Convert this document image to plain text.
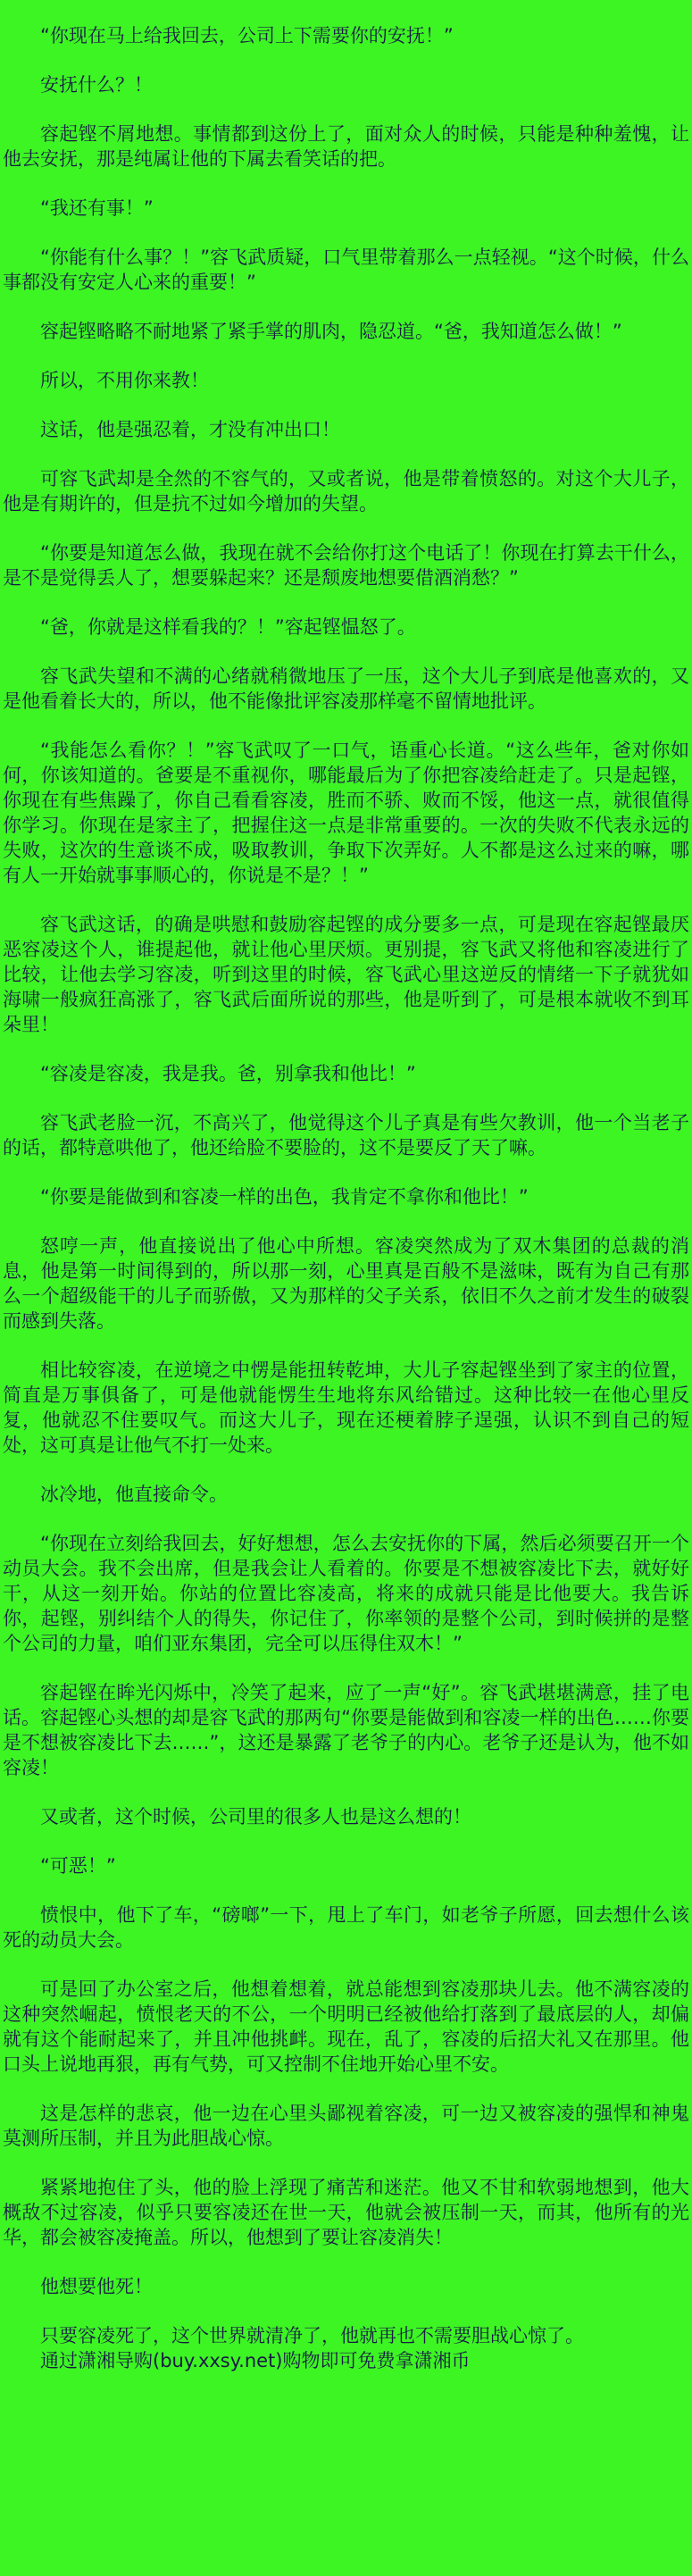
“你现在马上给我回去，公司上下需要你的安抚！”

安抚什么？！

容起铿不屑地想。事情都到这份上了，面对众人的时候，只能是种种羞愧，让他去安抚，那是纯属让他的下属去看笑话的把。

“我还有事！”

“你能有什么事？！”容飞武质疑，口气里带着那么一点轻视。“这个时候，什么事都没有安定人心来的重要！”

容起铿略略不耐地紧了紧手掌的肌肉，隐忍道。“爸，我知道怎么做！”

所以，不用你来教！

这话，他是强忍着，才没有冲出口！

可容飞武却是全然的不容气的，又或者说，他是带着愤怒的。对这个大儿子，他是有期许的，但是抗不过如今增加的失望。

“你要是知道怎么做，我现在就不会给你打这个电话了！你现在打算去干什么，是不是觉得丢人了，想要躲起来？还是颓废地想要借酒消愁？”

“爸，你就是这样看我的？！”容起铿愠怒了。

容飞武失望和不满的心绪就稍微地压了一压，这个大儿子到底是他喜欢的，又是他看着长大的，所以，他不能像批评容凌那样毫不留情地批评。

“我能怎么看你？！”容飞武叹了一口气，语重心长道。“这么些年，爸对你如何，你该知道的。爸要是不重视你，哪能最后为了你把容凌给赶走了。只是起铿，你现在有些焦躁了，你自己看看容凌，胜而不骄、败而不馁，他这一点，就很值得你学习。你现在是家主了，把握住这一点是非常重要的。一次的失败不代表永远的失败，这次的生意谈不成，吸取教训，争取下次弄好。人不都是这么过来的嘛，哪有人一开始就事事顺心的，你说是不是？！”

容飞武这话，的确是哄慰和鼓励容起铿的成分要多一点，可是现在容起铿最厌恶容凌这个人，谁提起他，就让他心里厌烦。更别提，容飞武又将他和容凌进行了比较，让他去学习容凌，听到这里的时候，容飞武心里这逆反的情绪一下子就犹如海啸一般疯狂高涨了，容飞武后面所说的那些，他是听到了，可是根本就收不到耳朵里！

“容凌是容凌，我是我。爸，别拿我和他比！”

容飞武老脸一沉，不高兴了，他觉得这个儿子真是有些欠教训，他一个当老子的话，都特意哄他了，他还给脸不要脸的，这不是要反了天了嘛。

“你要是能做到和容凌一样的出色，我肯定不拿你和他比！”

怒哼一声，他直接说出了他心中所想。容凌突然成为了双木集团的总裁的消息，他是第一时间得到的，所以那一刻，心里真是百般不是滋味，既有为自己有那么一个超级能干的儿子而骄傲，又为那样的父子关系，依旧不久之前才发生的破裂而感到失落。

相比较容凌，在逆境之中愣是能扭转乾坤，大儿子容起铿坐到了家主的位置，简直是万事俱备了，可是他就能愣生生地将东风给错过。这种比较一在他心里反复，他就忍不住要叹气。而这大儿子，现在还梗着脖子逞强，认识不到自己的短处，这可真是让他气不打一处来。

冰冷地，他直接命令。

“你现在立刻给我回去，好好想想，怎么去安抚你的下属，然后必须要召开一个动员大会。我不会出席，但是我会让人看着的。你要是不想被容凌比下去，就好好干，从这一刻开始。你站的位置比容凌高，将来的成就只能是比他要大。我告诉你，起铿，别纠结个人的得失，你记住了，你率领的是整个公司，到时候拼的是整个公司的力量，咱们亚东集团，完全可以压得住双木！”

容起铿在眸光闪烁中，冷笑了起来，应了一声“好”。容飞武堪堪满意，挂了电话。容起铿心头想的却是容飞武的那两句“你要是能做到和容凌一样的出色……你要是不想被容凌比下去……”，这还是暴露了老爷子的内心。老爷子还是认为，他不如容凌！

又或者，这个时候，公司里的很多人也是这么想的！

“可恶！”

愤恨中，他下了车，“磅啷”一下，甩上了车门，如老爷子所愿，回去想什么该死的动员大会。

可是回了办公室之后，他想着想着，就总能想到容凌那块儿去。他不满容凌的这种突然崛起，愤恨老天的不公，一个明明已经被他给打落到了最底层的人，却偏就有这个能耐起来了，并且冲他挑衅。现在，乱了，容凌的后招大礼又在那里。他口头上说地再狠，再有气势，可又控制不住地开始心里不安。

这是怎样的悲哀，他一边在心里头鄙视着容凌，可一边又被容凌的强悍和神鬼莫测所压制，并且为此胆战心惊。

紧紧地抱住了头，他的脸上浮现了痛苦和迷茫。他又不甘和软弱地想到，他大概敌不过容凌，似乎只要容凌还在世一天，他就会被压制一天，而其，他所有的光华，都会被容凌掩盖。所以，他想到了要让容凌消失！

他想要他死！

只要容凌死了，这个世界就清净了，他就再也不需要胆战心惊了。

通过潇湘导购(buy.xxsy.net)购物即可免费拿潇湘币
